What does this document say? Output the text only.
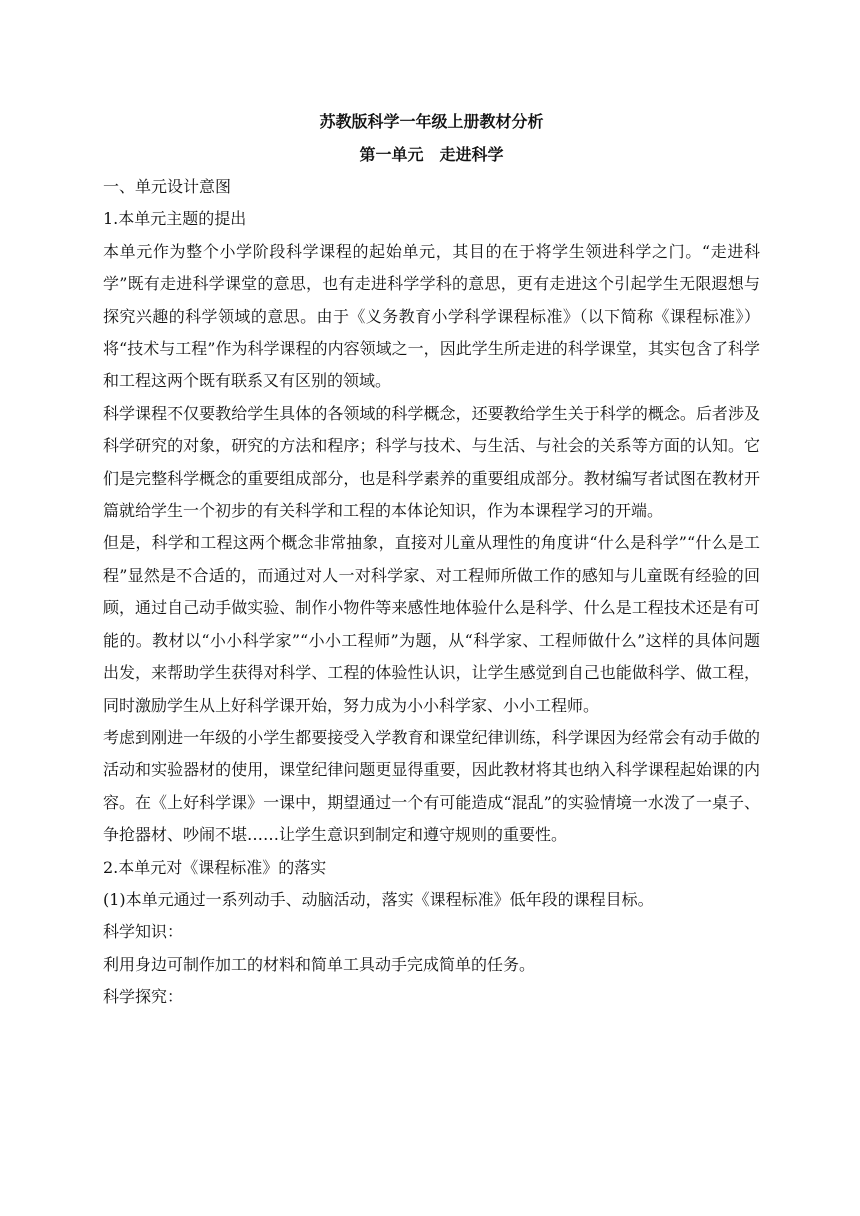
苏教版科学一年级上册教材分析

第一单元　走进科学

一、单元设计意图

1.本单元主题的提出

本单元作为整个小学阶段科学课程的起始单元，其目的在于将学生领进科学之门。“走进科学”既有走进科学课堂的意思，也有走进科学学科的意思，更有走进这个引起学生无限遐想与探究兴趣的科学领域的意思。由于《义务教育小学科学课程标准》（以下简称《课程标准》）将“技术与工程”作为科学课程的内容领域之一，因此学生所走进的科学课堂，其实包含了科学和工程这两个既有联系又有区别的领域。

科学课程不仅要教给学生具体的各领域的科学概念，还要教给学生关于科学的概念。后者涉及科学研究的对象，研究的方法和程序；科学与技术、与生活、与社会的关系等方面的认知。它们是完整科学概念的重要组成部分，也是科学素养的重要组成部分。教材编写者试图在教材开篇就给学生一个初步的有关科学和工程的本体论知识，作为本课程学习的开端。

但是，科学和工程这两个概念非常抽象，直接对儿童从理性的角度讲“什么是科学”“什么是工程”显然是不合适的，而通过对人一对科学家、对工程师所做工作的感知与儿童既有经验的回顾，通过自己动手做实验、制作小物件等来感性地体验什么是科学、什么是工程技术还是有可能的。教材以“小小科学家”“小小工程师”为题，从“科学家、工程师做什么”这样的具体问题出发，来帮助学生获得对科学、工程的体验性认识，让学生感觉到自己也能做科学、做工程，同时激励学生从上好科学课开始，努力成为小小科学家、小小工程师。

考虑到刚进一年级的小学生都要接受入学教育和课堂纪律训练，科学课因为经常会有动手做的活动和实验器材的使用，课堂纪律问题更显得重要，因此教材将其也纳入科学课程起始课的内容。在《上好科学课》一课中，期望通过一个有可能造成“混乱”的实验情境一水泼了一桌子、争抢器材、吵闹不堪……让学生意识到制定和遵守规则的重要性。

2.本单元对《课程标准》的落实

(1)本单元通过一系列动手、动脑活动，落实《课程标准》低年段的课程目标。

科学知识：

利用身边可制作加工的材料和简单工具动手完成简单的任务。

科学探究：
